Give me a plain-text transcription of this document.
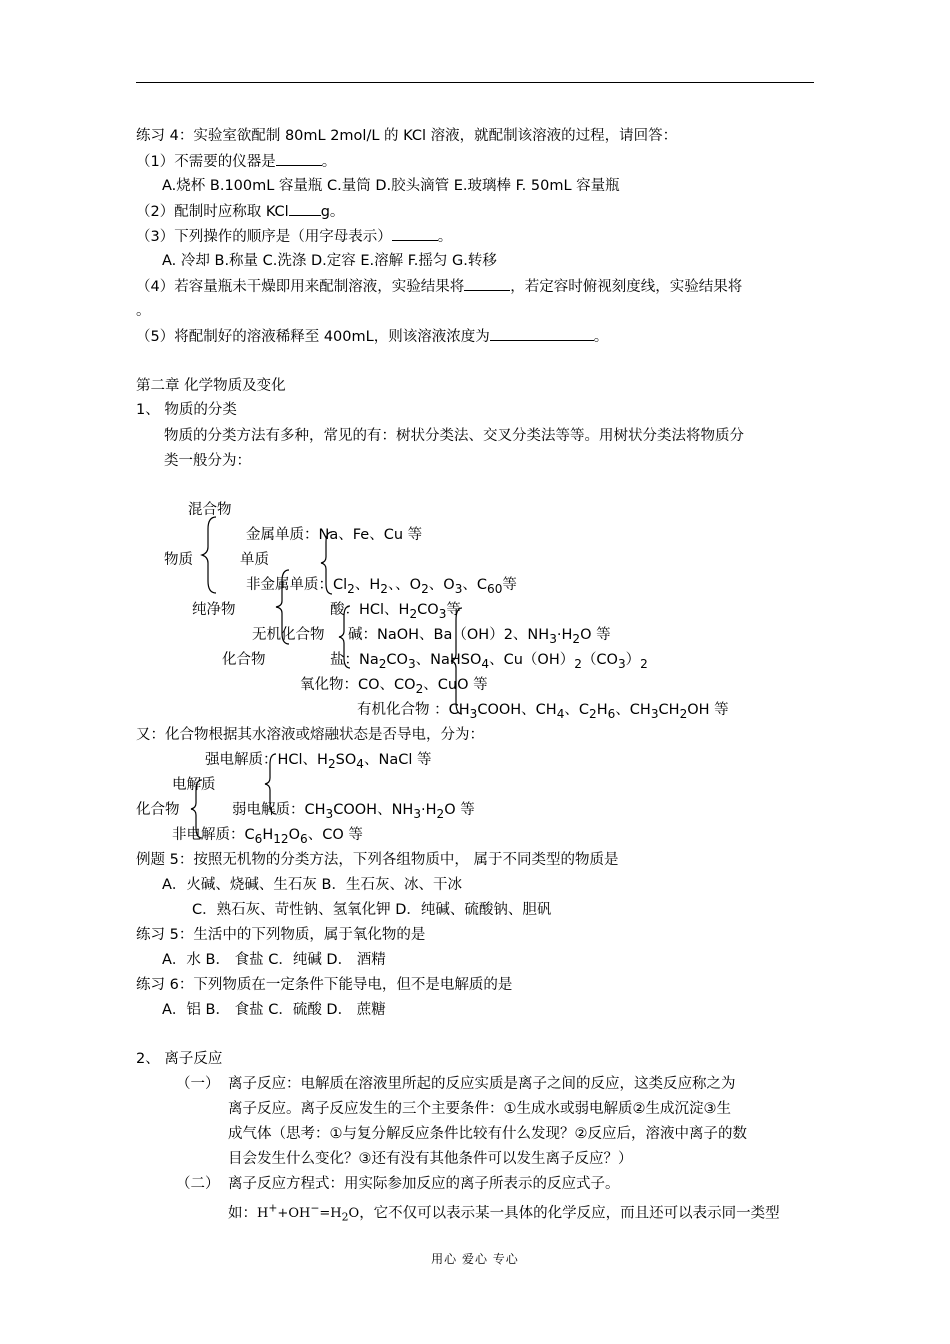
练习 4：实验室欲配制 80mL 2mol/L 的 KCl 溶液，就配制该溶液的过程，请回答：
（1）不需要的仪器是	。
A.烧杯 B.100mL 容量瓶 C.量筒 D.胶头滴管 E.玻璃棒 F. 50mL 容量瓶
（2）配制时应称取 KCl g。
（3）下列操作的顺序是（用字母表示）	。
A. 冷却 B.称量 C.洗涤 D.定容 E.溶解 F.摇匀 G.转移
（4）若容量瓶未干燥即用来配制溶液，实验结果将	，若定容时俯视刻度线，实验结果将
。
（5）将配制好的溶液稀释至 400mL，则该溶液浓度为	。
第二章 化学物质及变化
1、 物质的分类
物质的分类方法有多种，常见的有：树状分类法、交叉分类法等等。用树状分类法将物质分
类一般分为：
混合物
金属单质：Na、Fe、Cu 等
物质	单质
非金属单质：$Cl_2$、$H_2$、、$O_2$、$O_3$、$C_{60}$等
纯净物	酸：HCl、$H_2CO_3$等
无机化合物 碱：NaOH、Ba（OH）2、$NH_3\cdot H_2O$ 等
化合物	盐：$Na_2CO_3$、NaHSO$_4$、$Cu(OH)_2(CO_3)_2$
氧化物：CO、$CO_2$、CuO 等
有机化合物 ：$CH_3COOH$、$CH_4$、$C_2H_6$、$CH_3CH_2OH$ 等
又：化合物根据其水溶液或熔融状态是否导电，分为：
强电解质：HCl、$H_2SO_4$、NaCl 等
电解质
化合物	弱电解质：$CH_3COOH$、$NH_3\cdot H_2O$ 等
非电解质：$C_6H_{12}O_6$、CO 等
例题 5：按照无机物的分类方法，下列各组物质中， 属于不同类型的物质是
A．火碱、烧碱、生石灰 B．生石灰、冰、干冰
C．熟石灰、苛性钠、氢氧化钾 D．纯碱、硫酸钠、胆矾
练习 5：生活中的下列物质，属于氧化物的是
A．水 B． 食盐 C．纯碱 D． 酒精
练习 6：下列物质在一定条件下能导电，但不是电解质的是
A．铝 B． 食盐 C．硫酸 D． 蔗糖
2、 离子反应
（一） 离子反应：电解质在溶液里所起的反应实质是离子之间的反应，这类反应称之为
离子反应。离子反应发生的三个主要条件：①生成水或弱电解质②生成沉淀③生
成气体（思考：①与复分解反应条件比较有什么发现？②反应后，溶液中离子的数
目会发生什么变化？③还有没有其他条件可以发生离子反应？）
（二） 离子反应方程式：用实际参加反应的离子所表示的反应式子。
如：$H^++OH^-=H_2O$，它不仅可以表示某一具体的化学反应，而且还可以表示同一类型
用心 爱心 专心
